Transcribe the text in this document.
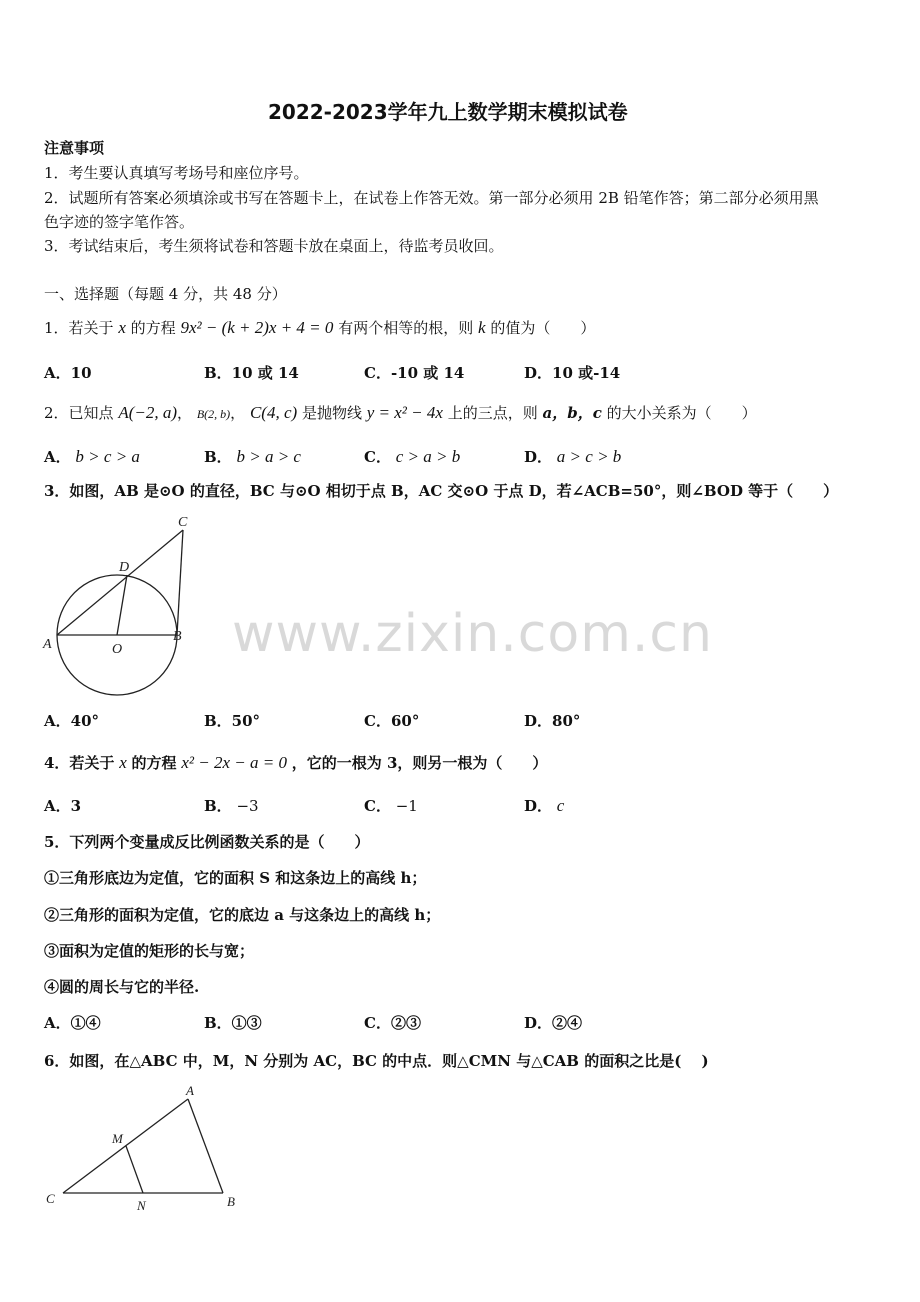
2022-2023学年九上数学期末模拟试卷
注意事项
1．考生要认真填写考场号和座位序号。
2．试题所有答案必须填涂或书写在答题卡上，在试卷上作答无效。第一部分必须用 2B 铅笔作答；第二部分必须用黑
色字迹的签字笔作答。
3．考试结束后，考生须将试卷和答题卡放在桌面上，待监考员收回。
一、选择题（每题 4 分，共 48 分）
www.zixin.com.cn
1．若关于 x 的方程 9x² − (k + 2)x + 4 = 0 有两个相等的根，则 k 的值为（　　）
A．10	B．10 或 14	C．-10 或 14	D．10 或-14
2．已知点 A(−2, a)， B(2, b)， C(4, c) 是抛物线 y = x² − 4x 上的三点，则 a，b，c 的大小关系为（　　）
A． b > c > a	B． b > a > c	C． c > a > b	D． a > c > b
3．如图，AB 是⊙O 的直径，BC 与⊙O 相切于点 B，AC 交⊙O 于点 D，若∠ACB=50°，则∠BOD 等于（　　）
C
D
A	O
B
A．40°	B．50°	C．60°	D．80°
4．若关于 x 的方程 x² − 2x − a = 0 ，它的一根为 3，则另一根为（　　）
A．3	B． −3	C． −1	D． c
5．下列两个变量成反比例函数关系的是（　　）
①三角形底边为定值，它的面积 S 和这条边上的高线 h；
②三角形的面积为定值，它的底边 a 与这条边上的高线 h；
③面积为定值的矩形的长与宽；
④圆的周长与它的半径.
A．①④	B．①③	C．②③	D．②④
6．如图，在△ABC 中，M，N 分别为 AC，BC 的中点．则△CMN 与△CAB 的面积之比是(　 )
A
M
C	N	B
